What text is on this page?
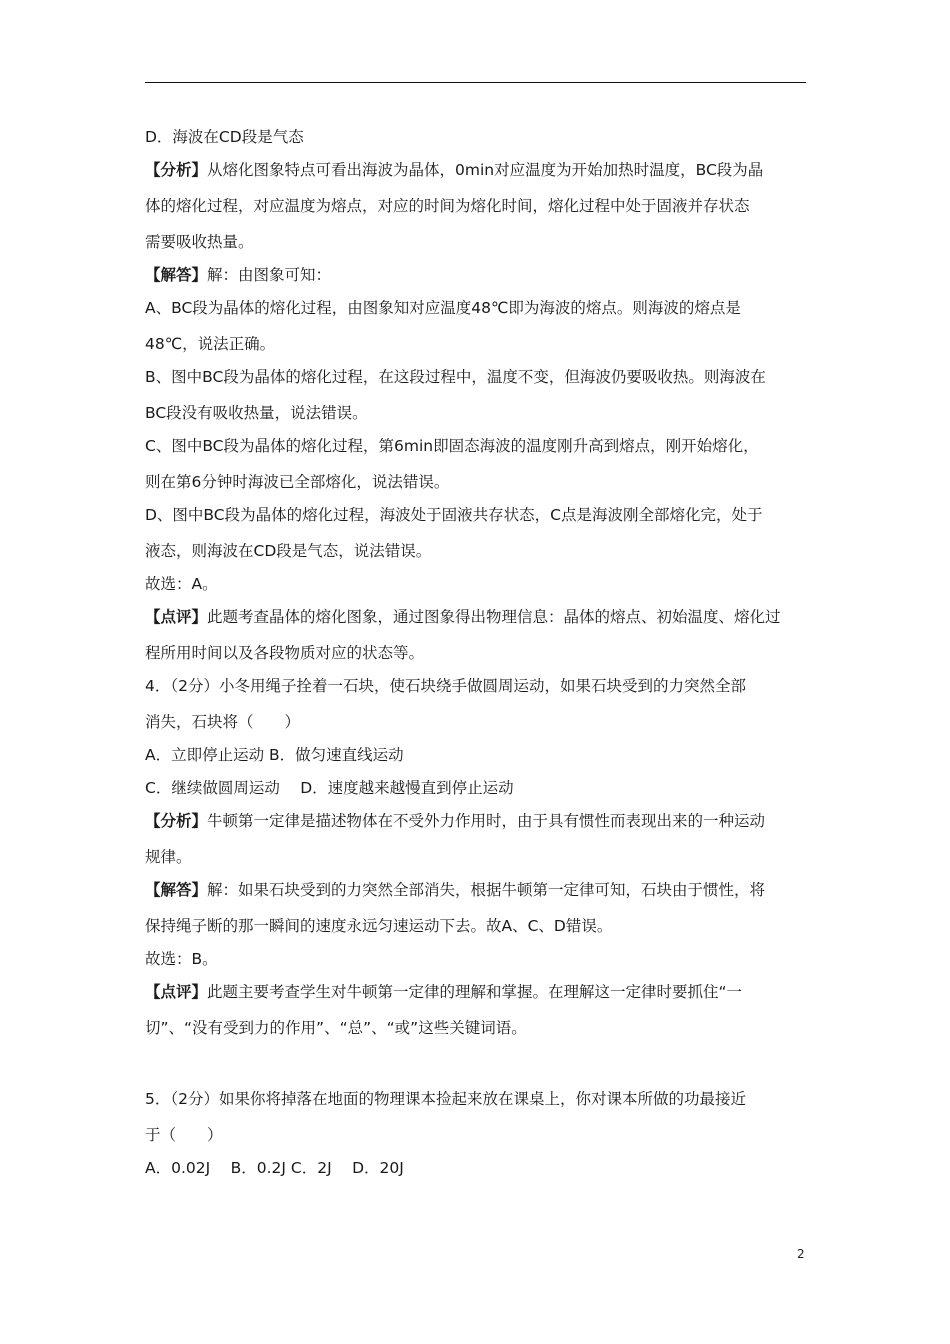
D．海波在CD段是气态
【分析】从熔化图象特点可看出海波为晶体，0min对应温度为开始加热时温度，BC段为晶
体的熔化过程，对应温度为熔点，对应的时间为熔化时间，熔化过程中处于固液并存状态
需要吸收热量。
【解答】解：由图象可知：
A、BC段为晶体的熔化过程，由图象知对应温度48℃即为海波的熔点。则海波的熔点是
48℃，说法正确。
B、图中BC段为晶体的熔化过程，在这段过程中，温度不变，但海波仍要吸收热。则海波在
BC段没有吸收热量，说法错误。
C、图中BC段为晶体的熔化过程，第6min即固态海波的温度刚升高到熔点，刚开始熔化，
则在第6分钟时海波已全部熔化，说法错误。
D、图中BC段为晶体的熔化过程，海波处于固液共存状态，C点是海波刚全部熔化完，处于
液态，则海波在CD段是气态，说法错误。
故选：A。
【点评】此题考查晶体的熔化图象，通过图象得出物理信息：晶体的熔点、初始温度、熔化过
程所用时间以及各段物质对应的状态等。
4．（2分）小冬用绳子拴着一石块，使石块绕手做圆周运动，如果石块受到的力突然全部
消失，石块将（　　）
A．立即停止运动 B．做匀速直线运动
C．继续做圆周运动　 D．速度越来越慢直到停止运动
【分析】牛顿第一定律是描述物体在不受外力作用时，由于具有惯性而表现出来的一种运动
规律。
【解答】解：如果石块受到的力突然全部消失，根据牛顿第一定律可知，石块由于惯性，将
保持绳子断的那一瞬间的速度永远匀速运动下去。故A、C、D错误。
故选：B。
【点评】此题主要考查学生对牛顿第一定律的理解和掌握。在理解这一定律时要抓住“一
切”、“没有受到力的作用”、“总”、“或”这些关键词语。
5．（2分）如果你将掉落在地面的物理课本捡起来放在课桌上，你对课本所做的功最接近
于（　　）
A．0.02J　 B．0.2J C．2J　 D．20J
2
